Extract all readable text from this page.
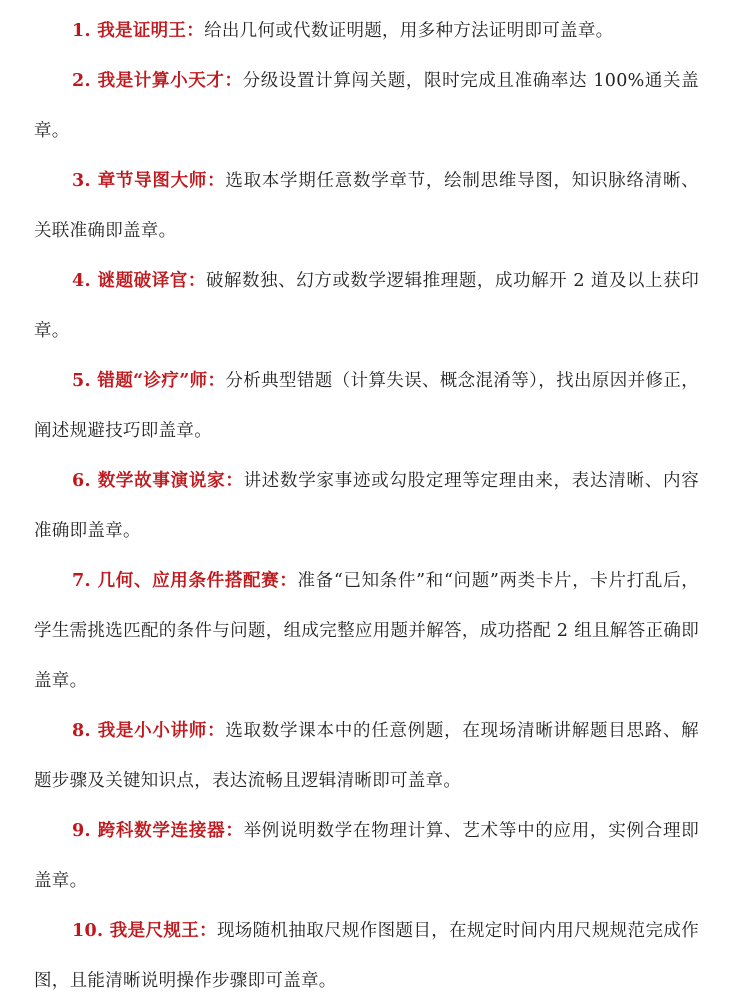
1. 我是证明王：给出几何或代数证明题，用多种方法证明即可盖章。

2. 我是计算小天才：分级设置计算闯关题，限时完成且准确率达 100%通关盖章。

3. 章节导图大师：选取本学期任意数学章节，绘制思维导图，知识脉络清晰、关联准确即盖章。

4. 谜题破译官：破解数独、幻方或数学逻辑推理题，成功解开 2 道及以上获印章。

5. 错题“诊疗”师：分析典型错题（计算失误、概念混淆等），找出原因并修正，阐述规避技巧即盖章。

6. 数学故事演说家：讲述数学家事迹或勾股定理等定理由来，表达清晰、内容准确即盖章。

7. 几何、应用条件搭配赛：准备“已知条件”和“问题”两类卡片，卡片打乱后，学生需挑选匹配的条件与问题，组成完整应用题并解答，成功搭配 2 组且解答正确即盖章。

8. 我是小小讲师：选取数学课本中的任意例题，在现场清晰讲解题目思路、解题步骤及关键知识点，表达流畅且逻辑清晰即可盖章。

9. 跨科数学连接器：举例说明数学在物理计算、艺术等中的应用，实例合理即盖章。

10. 我是尺规王：现场随机抽取尺规作图题目，在规定时间内用尺规规范完成作图，且能清晰说明操作步骤即可盖章。
